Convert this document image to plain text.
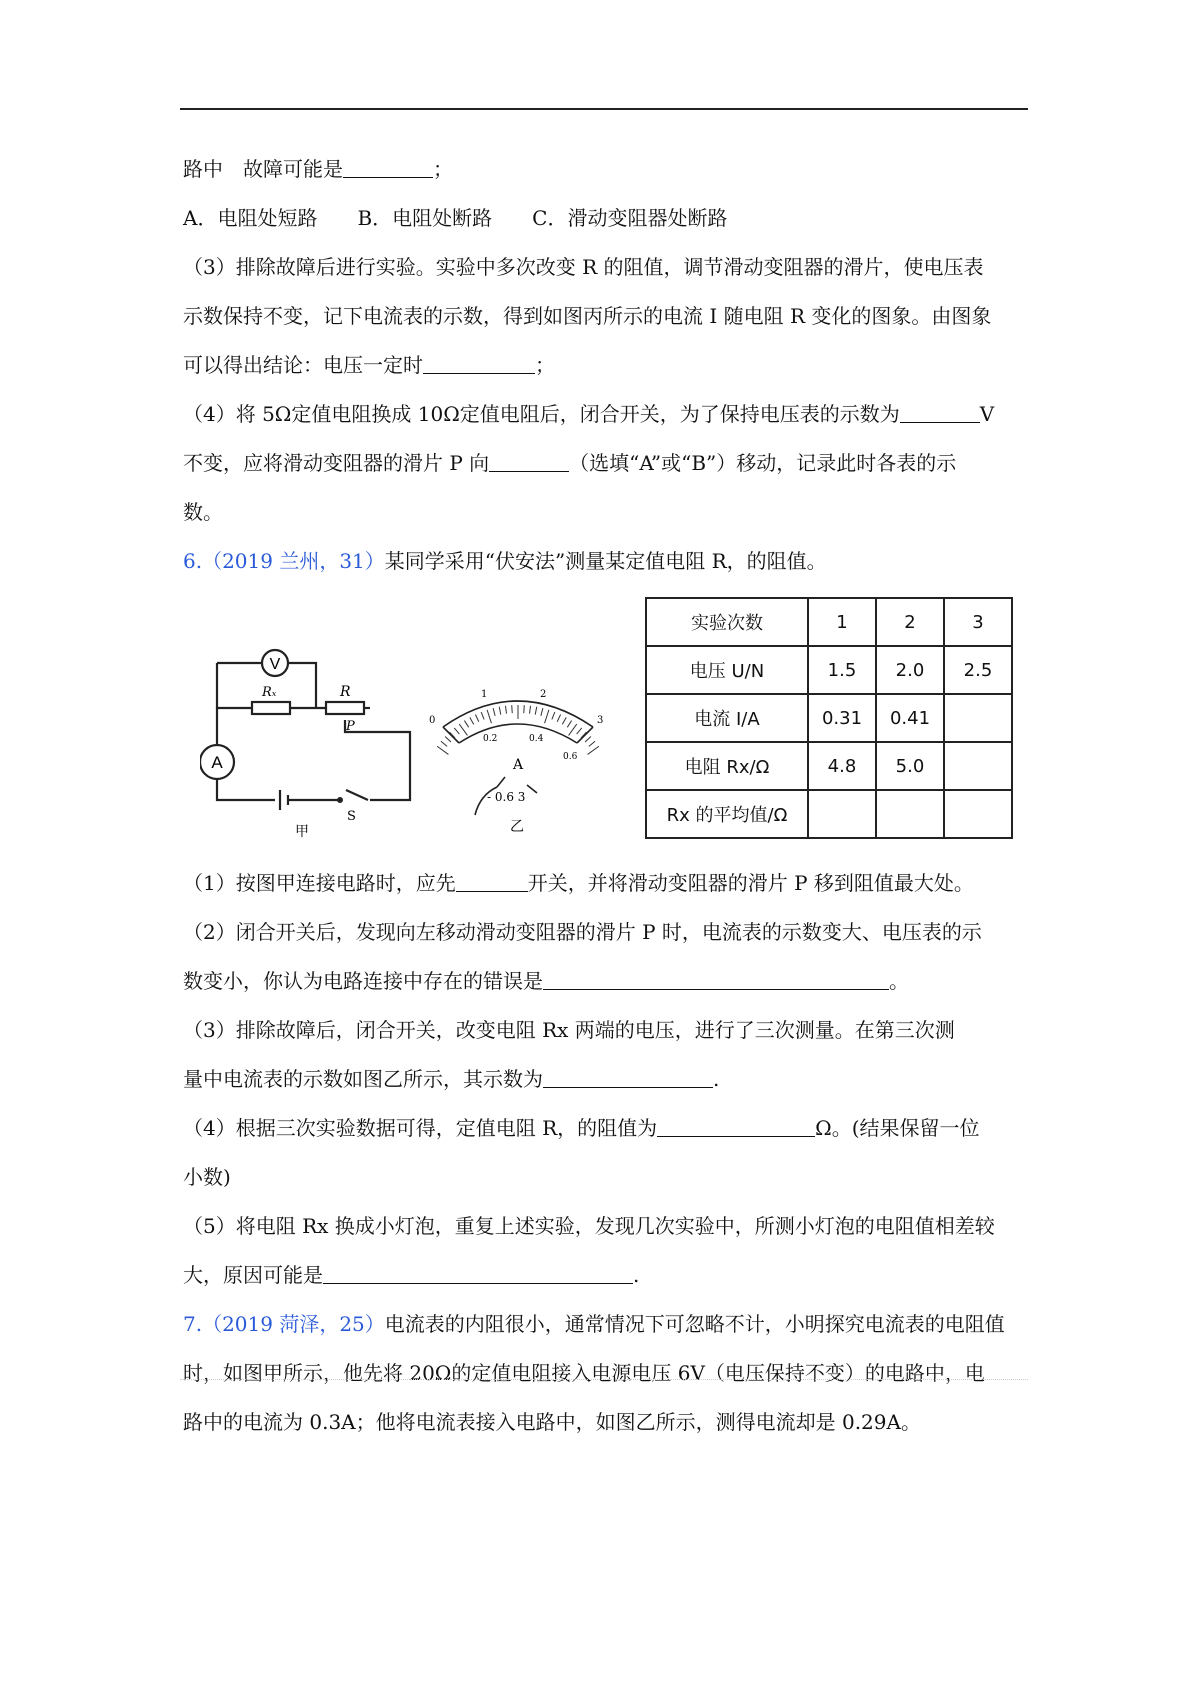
路中　故障可能是	；
A．电阻处短路　　B．电阻处断路　　C．滑动变阻器处断路
（3）排除故障后进行实验。实验中多次改变 R 的阻值，调节滑动变阻器的滑片，使电压表
示数保持不变，记下电流表的示数，得到如图丙所示的电流 I 随电阻 R 变化的图象。由图象
可以得出结论：电压一定时	；
（4）将 5Ω定值电阻换成 10Ω定值电阻后，闭合开关，为了保持电压表的示数为	V
不变，应将滑动变阻器的滑片 P 向	（选填“A”或“B”）移动，记录此时各表的示
数。
6.（2019 兰州，31）某同学采用“伏安法”测量某定值电阻 R，的阻值。
V
A
Rₓ	R
P
S
甲
0
1	2
3
0.2	0.4
0.6
A
- 0.6 3
乙
实验次数	1	2	3
电压 U/N	1.5	2.0	2.5
电流 I/A	0.31	0.41	
电阻 Rx/Ω	4.8	5.0	
Rx 的平均值/Ω			
（1）按图甲连接电路时，应先	开关，并将滑动变阻器的滑片 P 移到阻值最大处。
（2）闭合开关后，发现向左移动滑动变阻器的滑片 P 时，电流表的示数变大、电压表的示
数变小，你认为电路连接中存在的错误是	。
（3）排除故障后，闭合开关，改变电阻 Rx 两端的电压，进行了三次测量。在第三次测
量中电流表的示数如图乙所示，其示数为	.
（4）根据三次实验数据可得，定值电阻 R，的阻值为	Ω。(结果保留一位
小数)
（5）将电阻 Rx 换成小灯泡，重复上述实验，发现几次实验中，所测小灯泡的电阻值相差较
大，原因可能是	.
7.（2019 菏泽，25）电流表的内阻很小，通常情况下可忽略不计，小明探究电流表的电阻值
时，如图甲所示，他先将 20Ω的定值电阻接入电源电压 6V（电压保持不变）的电路中，电
路中的电流为 0.3A；他将电流表接入电路中，如图乙所示，测得电流却是 0.29A。
